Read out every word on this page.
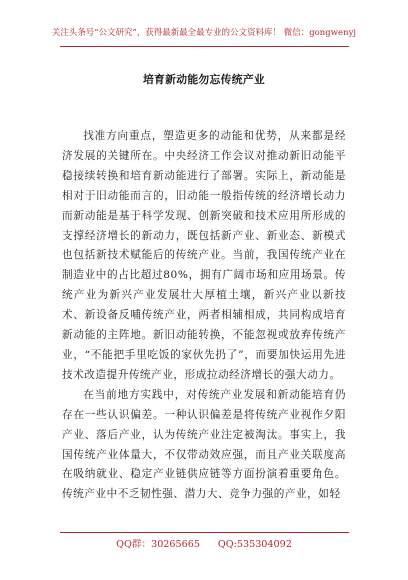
关注头条号“公文研究”，获得最新最全最专业的公文资料库！ 微信：gongwenyj
培育新动能勿忘传统产业

找准方向重点，塑造更多的动能和优势，从来都是经济发展的关键所在。中央经济工作会议对推动新旧动能平稳接续转换和培育新动能进行了部署。实际上，新动能是相对于旧动能而言的，旧动能一般指传统的经济增长动力而新动能是基于科学发现、创新突破和技术应用所形成的支撑经济增长的新动力，既包括新产业、新业态、新模式也包括新技术赋能后的传统产业。当前，我国传统产业在制造业中的占比超过80%，拥有广阔市场和应用场景。传统产业为新兴产业发展壮大厚植土壤，新兴产业以新技术、新设备反哺传统产业，两者相辅相成，共同构成培育新动能的主阵地。新旧动能转换，不能忽视或放弃传统产业，“不能把手里吃饭的家伙先扔了”，而要加快运用先进技术改造提升传统产业，形成拉动经济增长的强大动力。

在当前地方实践中，对传统产业发展和新动能培育仍存在一些认识偏差。一种认识偏差是将传统产业视作夕阳产业、落后产业，认为传统产业注定被淘汰。事实上，我国传统产业体量大，不仅带动效应强，而且产业关联度高在吸纳就业、稳定产业链供应链等方面扮演着重要角色。传统产业中不乏韧性强、潜力大、竞争力强的产业，如轻

QQ群：30265665 QQ:535304092
